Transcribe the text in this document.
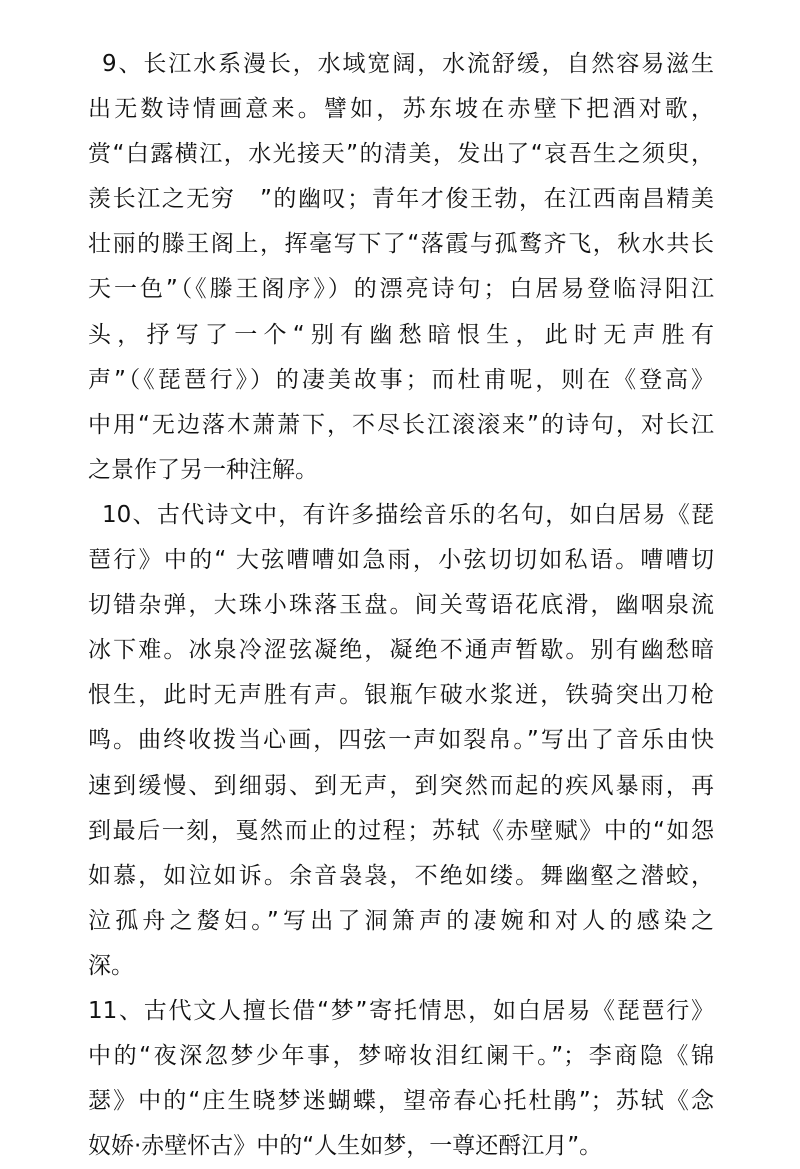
9、长江水系漫长，水域宽阔，水流舒缓，自然容易滋生
出无数诗情画意来。譬如，苏东坡在赤壁下把酒对歌，
赏“白露横江，水光接天”的清美，发出了“哀吾生之须臾，
羡长江之无穷　”的幽叹；青年才俊王勃，在江西南昌精美
壮丽的滕王阁上，挥毫写下了“落霞与孤鹜齐飞，秋水共长
天一色”（《滕王阁序》）的漂亮诗句；白居易登临浔阳江
头，抒写了一个“别有幽愁暗恨生，此时无声胜有
声”（《琵琶行》）的凄美故事；而杜甫呢，则在《登高》
中用“无边落木萧萧下，不尽长江滚滚来”的诗句，对长江
之景作了另一种注解。
10、古代诗文中，有许多描绘音乐的名句，如白居易《琵
琶行》中的“ 大弦嘈嘈如急雨，小弦切切如私语。嘈嘈切
切错杂弹，大珠小珠落玉盘。间关莺语花底滑，幽咽泉流
冰下难。冰泉冷涩弦凝绝，凝绝不通声暂歇。别有幽愁暗
恨生，此时无声胜有声。银瓶乍破水浆迸，铁骑突出刀枪
鸣。曲终收拨当心画，四弦一声如裂帛。”写出了音乐由快
速到缓慢、到细弱、到无声，到突然而起的疾风暴雨，再
到最后一刻，戛然而止的过程；苏轼《赤壁赋》中的“如怨
如慕，如泣如诉。余音袅袅，不绝如缕。舞幽壑之潜蛟，
泣孤舟之嫠妇。”写出了洞箫声的凄婉和对人的感染之
深。
11、古代文人擅长借“梦”寄托情思，如白居易《琵琶行》
中的“夜深忽梦少年事，梦啼妆泪红阑干。”；李商隐《锦
瑟》中的“庄生晓梦迷蝴蝶，望帝春心托杜鹃”；苏轼《念
奴娇·赤壁怀古》中的“人生如梦，一尊还酹江月”。
